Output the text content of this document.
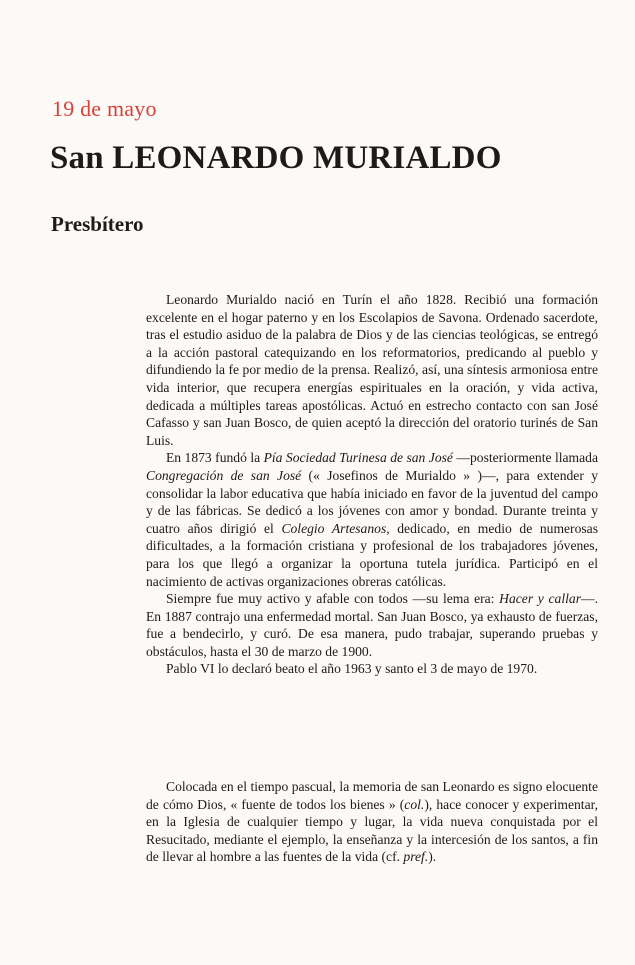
19 de mayo
San LEONARDO MURIALDO
Presbítero

Leonardo Murialdo nació en Turín el año 1828. Recibió una formación excelente en el hogar paterno y en los Escolapios de Savona. Ordenado sacerdote, tras el estudio asiduo de la palabra de Dios y de las ciencias teológicas, se entregó a la acción pastoral catequizando en los reformatorios, predicando al pueblo y difundiendo la fe por medio de la prensa. Realizó, así, una síntesis armoniosa entre vida interior, que recupera energías espirituales en la oración, y vida activa, dedicada a múltiples tareas apostólicas. Actuó en estrecho contacto con san José Cafasso y san Juan Bosco, de quien aceptó la dirección del oratorio turinés de San Luis.

En 1873 fundó la Pía Sociedad Turinesa de san José —posteriormente llamada Congregación de san José (« Josefinos de Murialdo » )—, para extender y consolidar la labor educativa que había iniciado en favor de la juventud del campo y de las fábricas. Se dedicó a los jóvenes con amor y bondad. Durante treinta y cuatro años dirigió el Colegio Artesanos, dedicado, en medio de numerosas dificultades, a la formación cristiana y profesional de los trabajadores jóvenes, para los que llegó a organizar la oportuna tutela jurídica. Participó en el nacimiento de activas organizaciones obreras católicas.

Siempre fue muy activo y afable con todos —su lema era: Hacer y callar—. En 1887 contrajo una enfermedad mortal. San Juan Bosco, ya exhausto de fuerzas, fue a bendecirlo, y curó. De esa manera, pudo trabajar, superando pruebas y obstáculos, hasta el 30 de marzo de 1900.

Pablo VI lo declaró beato el año 1963 y santo el 3 de mayo de 1970.

Colocada en el tiempo pascual, la memoria de san Leonardo es signo elocuente de cómo Dios, « fuente de todos los bienes » (col.), hace conocer y experimentar, en la Iglesia de cualquier tiempo y lugar, la vida nueva conquistada por el Resucitado, mediante el ejemplo, la enseñanza y la intercesión de los santos, a fin de llevar al hombre a las fuentes de la vida (cf. pref.).
